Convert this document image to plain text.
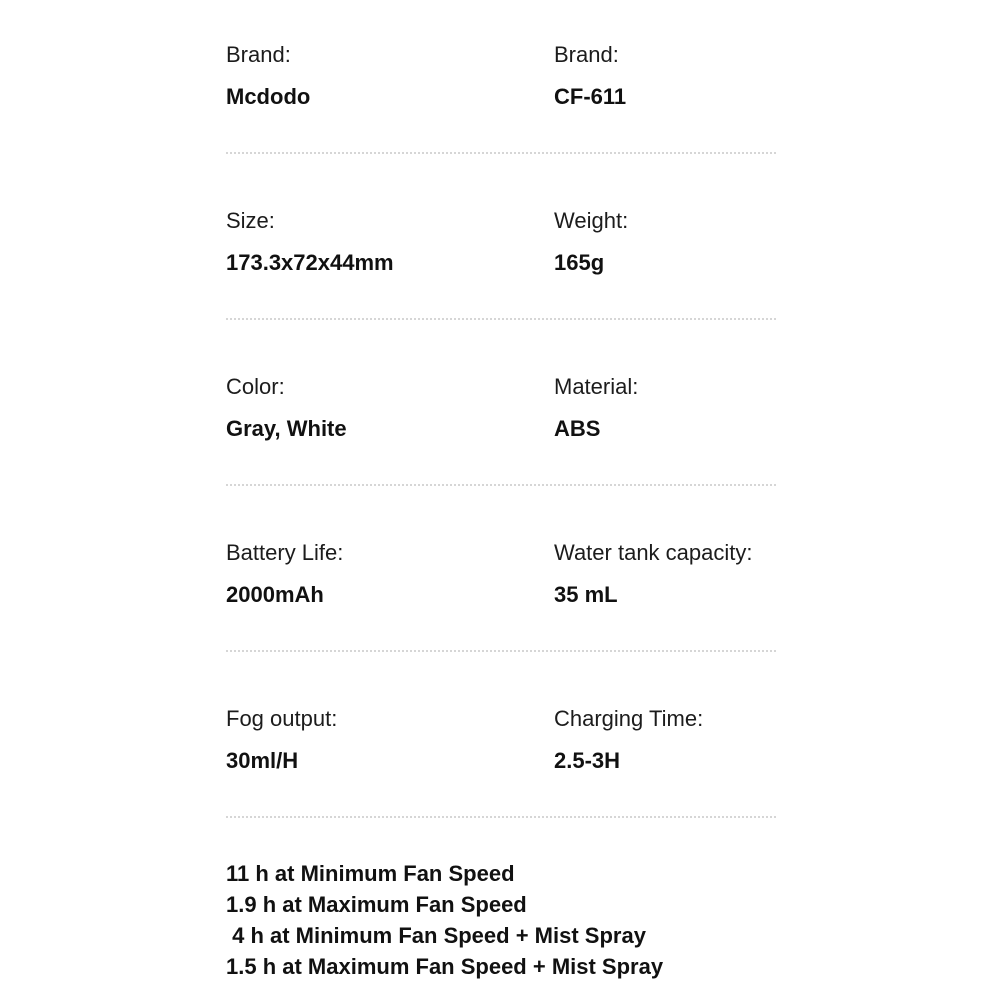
Brand:
Mcdodo
Brand:
CF-611
Size:
173.3x72x44mm
Weight:
165g
Color:
Gray, White
Material:
ABS
Battery Life:
2000mAh
Water tank capacity:
35 mL
Fog output:
30ml/H
Charging Time:
2.5-3H
11 h at Minimum Fan Speed
1.9 h at Maximum Fan Speed
4 h at Minimum Fan Speed + Mist Spray
1.5 h at Maximum Fan Speed + Mist Spray
